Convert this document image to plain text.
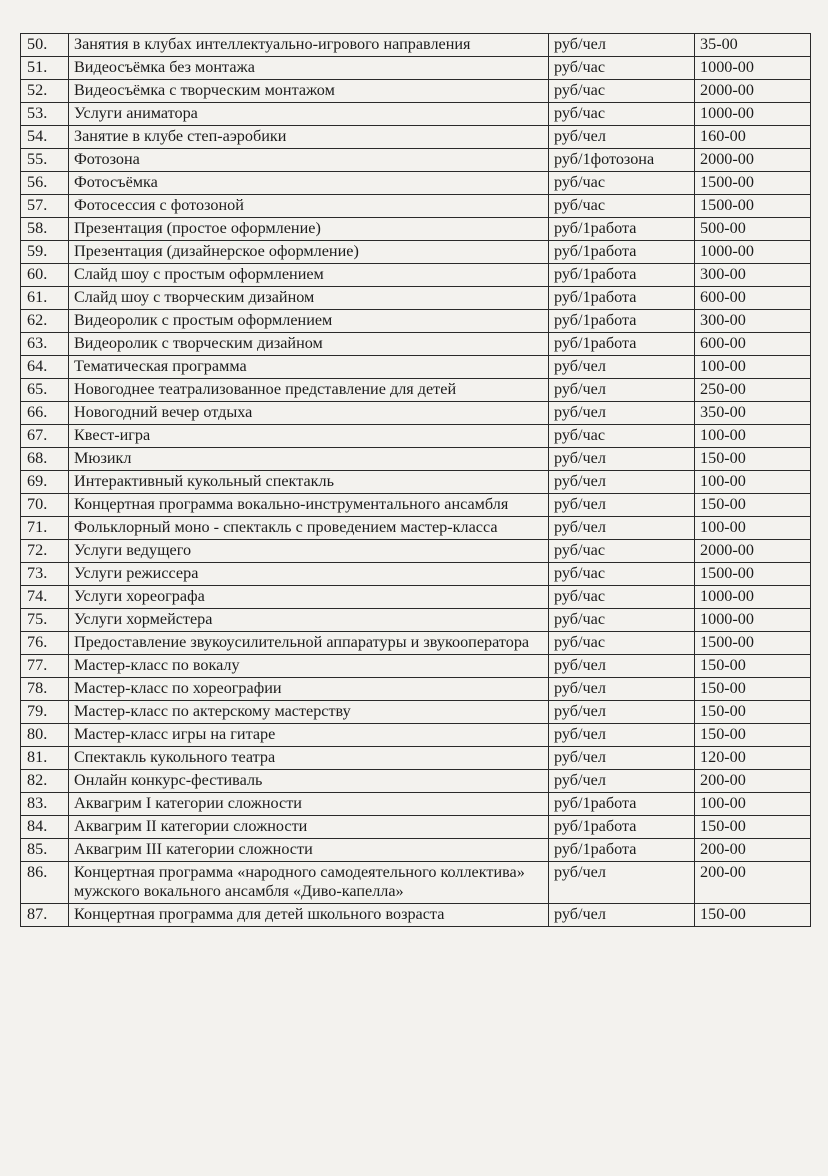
50.	Занятия в клубах интеллектуально-игрового направления	руб/чел	35-00
51.	Видеосъёмка без монтажа	руб/час	1000-00
52.	Видеосъёмка с творческим монтажом	руб/час	2000-00
53.	Услуги аниматора	руб/час	1000-00
54.	Занятие в клубе степ-аэробики	руб/чел	160-00
55.	Фотозона	руб/1фотозона	2000-00
56.	Фотосъёмка	руб/час	1500-00
57.	Фотосессия с фотозоной	руб/час	1500-00
58.	Презентация (простое оформление)	руб/1работа	500-00
59.	Презентация (дизайнерское оформление)	руб/1работа	1000-00
60.	Слайд шоу с простым оформлением	руб/1работа	300-00
61.	Слайд шоу с творческим дизайном	руб/1работа	600-00
62.	Видеоролик с простым оформлением	руб/1работа	300-00
63.	Видеоролик с творческим дизайном	руб/1работа	600-00
64.	Тематическая программа	руб/чел	100-00
65.	Новогоднее театрализованное представление для детей	руб/чел	250-00
66.	Новогодний вечер отдыха	руб/чел	350-00
67.	Квест-игра	руб/час	100-00
68.	Мюзикл	руб/чел	150-00
69.	Интерактивный кукольный спектакль	руб/чел	100-00
70.	Концертная программа вокально-инструментального ансамбля	руб/чел	150-00
71.	Фольклорный моно - спектакль с проведением мастер-класса	руб/чел	100-00
72.	Услуги ведущего	руб/час	2000-00
73.	Услуги режиссера	руб/час	1500-00
74.	Услуги хореографа	руб/час	1000-00
75.	Услуги хормейстера	руб/час	1000-00
76.	Предоставление звукоусилительной аппаратуры и звукооператора	руб/час	1500-00
77.	Мастер-класс по вокалу	руб/чел	150-00
78.	Мастер-класс по хореографии	руб/чел	150-00
79.	Мастер-класс по актерскому мастерству	руб/чел	150-00
80.	Мастер-класс игры на гитаре	руб/чел	150-00
81.	Спектакль кукольного театра	руб/чел	120-00
82.	Онлайн конкурс-фестиваль	руб/чел	200-00
83.	Аквагрим I категории сложности	руб/1работа	100-00
84.	Аквагрим II категории сложности	руб/1работа	150-00
85.	Аквагрим III категории сложности	руб/1работа	200-00
86.	Концертная программа «народного самодеятельного коллектива» мужского вокального ансамбля «Диво-капелла»	руб/чел	200-00
87.	Концертная программа для детей школьного возраста	руб/чел	150-00
